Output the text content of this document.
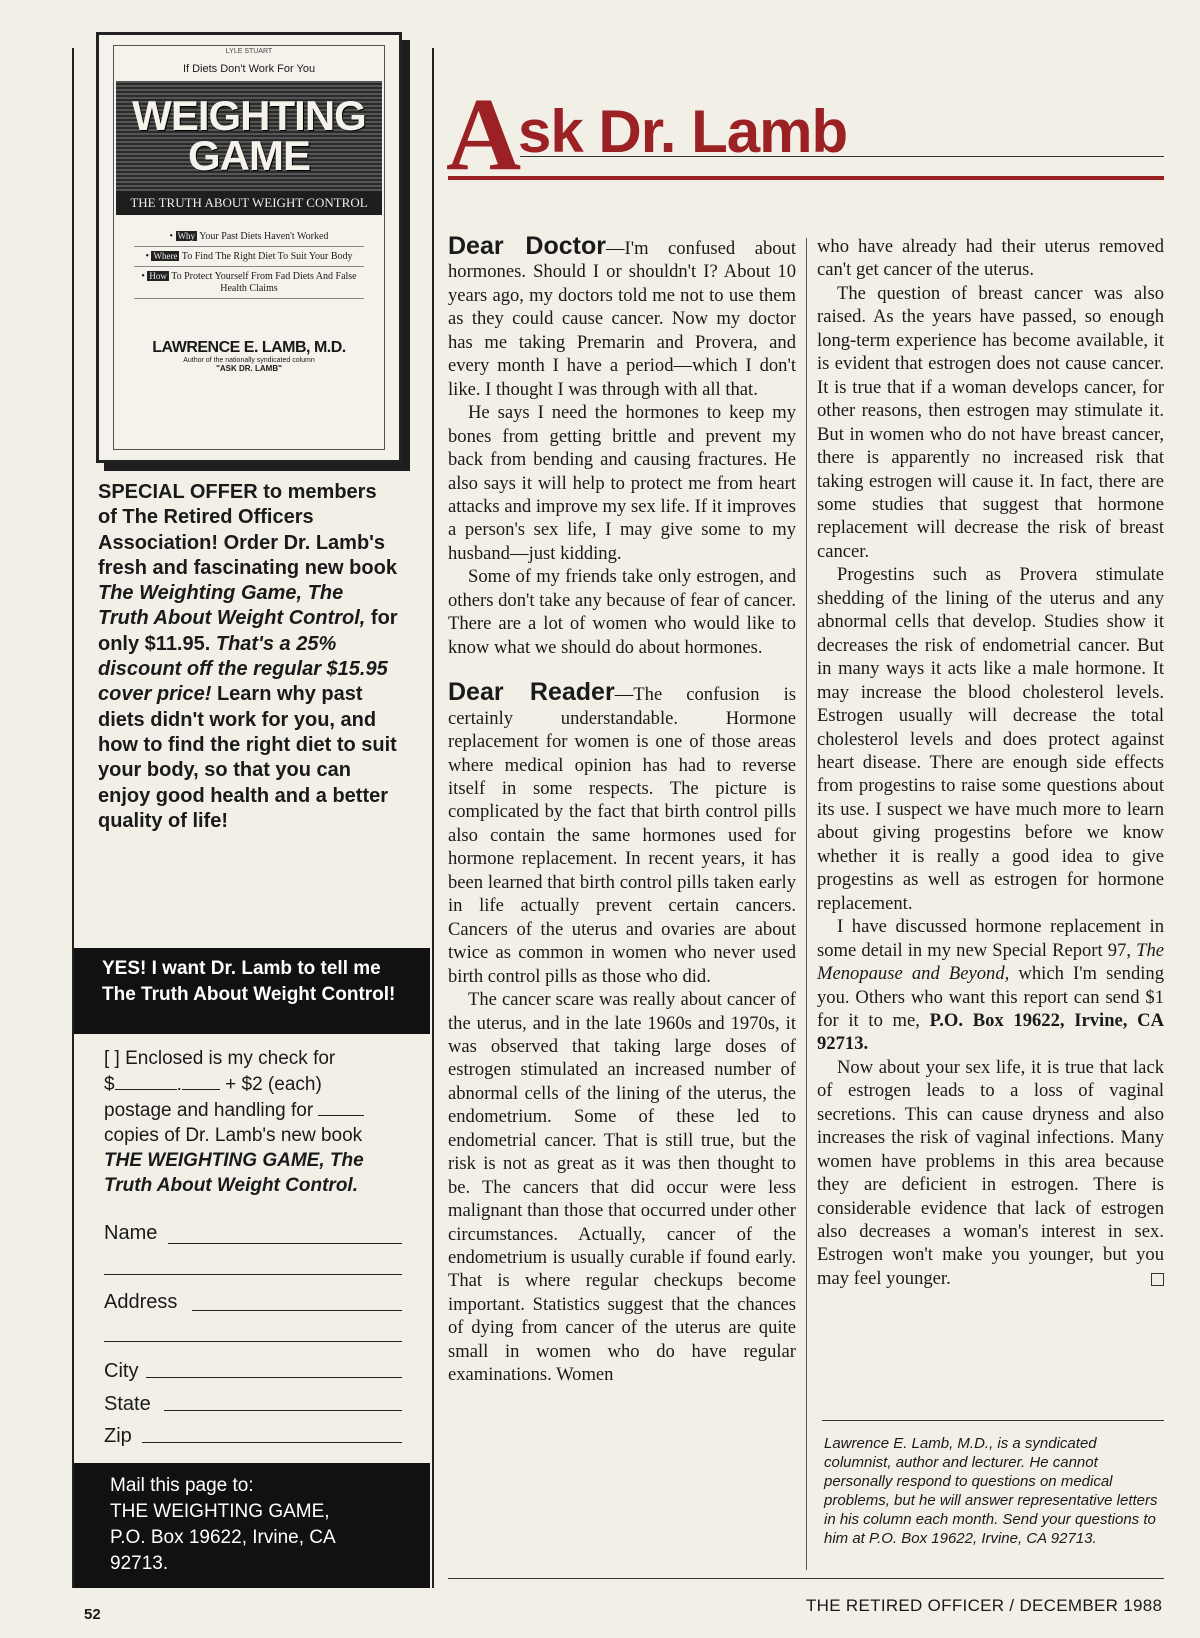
LYLE STUART
If Diets Don't Work For You
WEIGHTING
GAME
THE TRUTH ABOUT WEIGHT CONTROL
• Why Your Past Diets Haven't Worked
• Where To Find The Right Diet To Suit Your Body
• How To Protect Yourself From Fad Diets And False Health Claims
LAWRENCE E. LAMB, M.D.
Author of the nationally syndicated column
"ASK DR. LAMB"
SPECIAL OFFER to members of The Retired Officers Association! Order Dr. Lamb's fresh and fascinating new book The Weighting Game, The Truth About Weight Control, for only $11.95. That's a 25% discount off the regular $15.95 cover price! Learn why past diets didn't work for you, and how to find the right diet to suit your body, so that you can enjoy good health and a better quality of life!
YES! I want Dr. Lamb to tell me The Truth About Weight Control!
[ ] Enclosed is my check for
$	. + $2 (each)
postage and handling for
copies of Dr. Lamb's new book
THE WEIGHTING GAME, The Truth About Weight Control.
Name
Address
City
State
Zip
Mail this page to:
THE WEIGHTING GAME,
P.O. Box 19622, Irvine, CA
92713.
A
sk Dr. Lamb

Dear Doctor—I'm confused about hormones. Should I or shouldn't I? About 10 years ago, my doctors told me not to use them as they could cause cancer. Now my doctor has me taking Premarin and Provera, and every month I have a period—which I don't like. I thought I was through with all that.

He says I need the hormones to keep my bones from getting brittle and prevent my back from bending and causing fractures. He also says it will help to protect me from heart attacks and improve my sex life. If it improves a person's sex life, I may give some to my husband—just kidding.

Some of my friends take only estrogen, and others don't take any because of fear of cancer. There are a lot of women who would like to know what we should do about hormones.

Dear Reader—The confusion is certainly understandable. Hormone replacement for women is one of those areas where medical opinion has had to reverse itself in some respects. The picture is complicated by the fact that birth control pills also contain the same hormones used for hormone replacement. In recent years, it has been learned that birth control pills taken early in life actually prevent certain cancers. Cancers of the uterus and ovaries are about twice as common in women who never used birth control pills as those who did.

The cancer scare was really about cancer of the uterus, and in the late 1960s and 1970s, it was observed that taking large doses of estrogen stimulated an increased number of abnormal cells of the lining of the uterus, the endometrium. Some of these led to endometrial cancer. That is still true, but the risk is not as great as it was then thought to be. The cancers that did occur were less malignant than those that occurred under other circumstances. Actually, cancer of the endometrium is usually curable if found early. That is where regular checkups become important. Statistics suggest that the chances of dying from cancer of the uterus are quite small in women who do have regular examinations. Women

who have already had their uterus removed can't get cancer of the uterus.

The question of breast cancer was also raised. As the years have passed, so enough long-term experience has become available, it is evident that estrogen does not cause cancer. It is true that if a woman develops cancer, for other reasons, then estrogen may stimulate it. But in women who do not have breast cancer, there is apparently no increased risk that taking estrogen will cause it. In fact, there are some studies that suggest that hormone replacement will decrease the risk of breast cancer.

Progestins such as Provera stimulate shedding of the lining of the uterus and any abnormal cells that develop. Studies show it decreases the risk of endometrial cancer. But in many ways it acts like a male hormone. It may increase the blood cholesterol levels. Estrogen usually will decrease the total cholesterol levels and does protect against heart disease. There are enough side effects from progestins to raise some questions about its use. I suspect we have much more to learn about giving progestins before we know whether it is really a good idea to give progestins as well as estrogen for hormone replacement.

I have discussed hormone replacement in some detail in my new Special Report 97, The Menopause and Beyond, which I'm sending you. Others who want this report can send $1 for it to me, P.O. Box 19622, Irvine, CA 92713.

Now about your sex life, it is true that lack of estrogen leads to a loss of vaginal secretions. This can cause dryness and also increases the risk of vaginal infections. Many women have problems in this area because they are deficient in estrogen. There is considerable evidence that lack of estrogen also decreases a woman's interest in sex. Estrogen won't make you younger, but you may feel younger.

Lawrence E. Lamb, M.D., is a syndicated columnist, author and lecturer. He cannot personally respond to questions on medical problems, but he will answer representative letters in his column each month. Send your questions to him at P.O. Box 19622, Irvine, CA 92713.
THE RETIRED OFFICER / DECEMBER 1988
52
